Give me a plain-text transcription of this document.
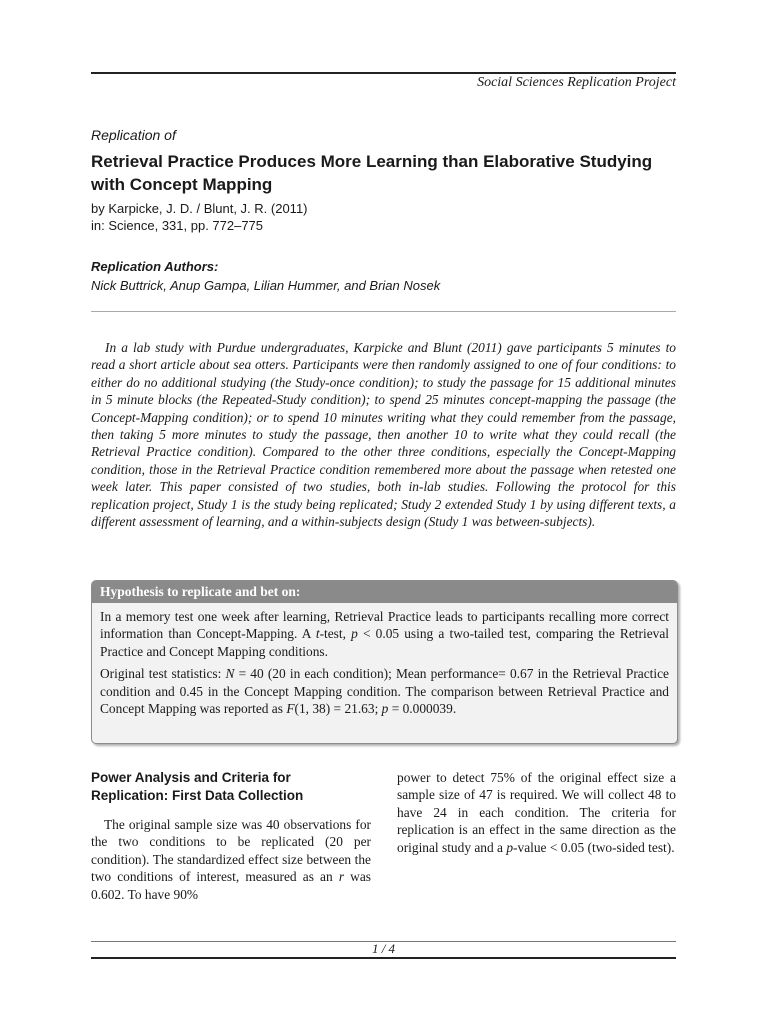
Social Sciences Replication Project
Replication of
Retrieval Practice Produces More Learning than Elaborative Studying with Concept Mapping
by Karpicke, J. D. / Blunt, J. R. (2011)
in: Science, 331, pp. 772–775
Replication Authors:
Nick Buttrick, Anup Gampa, Lilian Hummer, and Brian Nosek
In a lab study with Purdue undergraduates, Karpicke and Blunt (2011) gave participants 5 minutes to read a short article about sea otters. Participants were then randomly assigned to one of four conditions: to either do no additional studying (the Study-once condition); to study the passage for 15 additional minutes in 5 minute blocks (the Repeated-Study condition); to spend 25 minutes concept-mapping the passage (the Concept-Mapping condition); or to spend 10 minutes writing what they could remember from the passage, then taking 5 more minutes to study the passage, then another 10 to write what they could recall (the Retrieval Practice condition). Compared to the other three conditions, especially the Concept-Mapping condition, those in the Retrieval Practice condition remembered more about the passage when retested one week later. This paper consisted of two studies, both in-lab studies. Following the protocol for this replication project, Study 1 is the study being replicated; Study 2 extended Study 1 by using different texts, a different assessment of learning, and a within-subjects design (Study 1 was between-subjects).
Hypothesis to replicate and bet on:

In a memory test one week after learning, Retrieval Practice leads to participants recalling more correct information than Concept-Mapping. A t-test, p < 0.05 using a two-tailed test, comparing the Retrieval Practice and Concept Mapping conditions.

Original test statistics: N = 40 (20 in each condition); Mean performance= 0.67 in the Retrieval Practice condition and 0.45 in the Concept Mapping condition. The comparison between Retrieval Practice and Concept Mapping was reported as F(1, 38) = 21.63; p = 0.000039.

Power Analysis and Criteria for
Replication: First Data Collection
The original sample size was 40 observations for the two conditions to be replicated (20 per condition). The standardized effect size between the two conditions of interest, measured as an r was 0.602. To have 90%
power to detect 75% of the original effect size a sample size of 47 is required. We will collect 48 to have 24 in each condition. The criteria for replication is an effect in the same direction as the original study and a p-value < 0.05 (two-sided test).
1 / 4
